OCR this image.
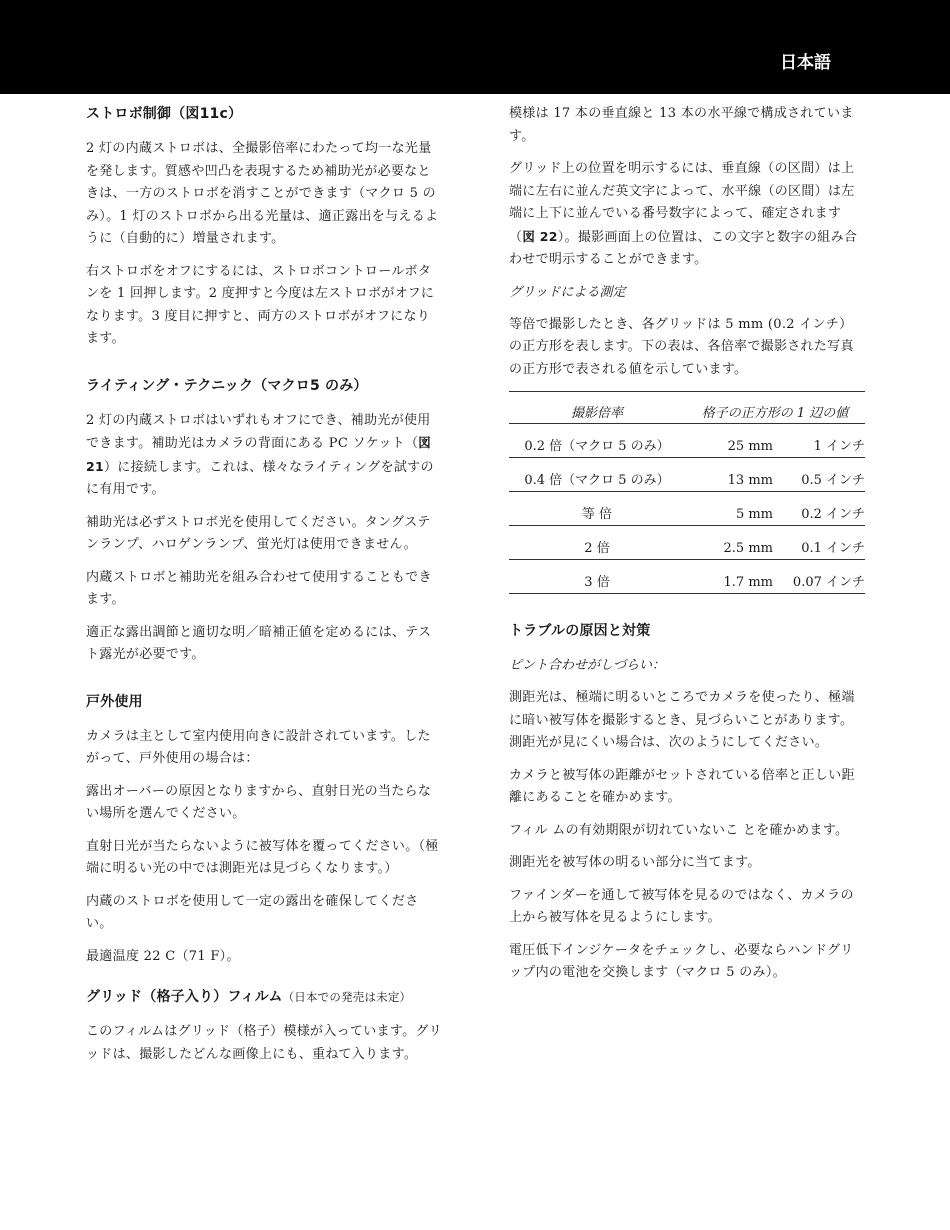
日本語
ストロボ制御（図11c）

2 灯の内蔵ストロボは、全撮影倍率にわたって均一な光量を発します。質感や凹凸を表現するため補助光が必要なときは、一方のストロボを消すことができます（マクロ 5 のみ）。1 灯のストロボから出る光量は、適正露出を与えるように（自動的に）増量されます。

右ストロボをオフにするには、ストロボコントロールボタンを 1 回押します。2 度押すと今度は左ストロボがオフになります。3 度目に押すと、両方のストロボがオフになります。

ライティング・テクニック（マクロ5 のみ）

2 灯の内蔵ストロボはいずれもオフにでき、補助光が使用できます。補助光はカメラの背面にある PC ソケット（図 21）に接続します。これは、様々なライティングを試すのに有用です。

補助光は必ずストロボ光を使用してください。タングステンランプ、ハロゲンランプ、蛍光灯は使用できません。

内蔵ストロボと補助光を組み合わせて使用することもできます。

適正な露出調節と適切な明／暗補正値を定めるには、テスト露光が必要です。

戸外使用

カメラは主として室内使用向きに設計されています。したがって、戸外使用の場合は：

露出オーバーの原因となりますから、直射日光の当たらない場所を選んでください。

直射日光が当たらないように被写体を覆ってください。（極端に明るい光の中では測距光は見づらくなります。）

内蔵のストロボを使用して一定の露出を確保してください。

最適温度 22 C（71 F）。

グリッド（格子入り）フィルム（日本での発売は未定）

このフィルムはグリッド（格子）模様が入っています。グリッドは、撮影したどんな画像上にも、重ねて入ります。

模様は 17 本の垂直線と 13 本の水平線で構成されています。

グリッド上の位置を明示するには、垂直線（の区間）は上端に左右に並んだ英文字によって、水平線（の区間）は左端に上下に並んでいる番号数字によって、確定されます（図 22）。撮影画面上の位置は、この文字と数字の組み合わせで明示することができます。

グリッドによる測定

等倍で撮影したとき、各グリッドは 5 mm (0.2 インチ）の正方形を表します。下の表は、各倍率で撮影された写真の正方形で表される値を示しています。

撮影倍率	格子の正方形の 1 辺の値	
0.2 倍（マクロ 5 のみ）	25 mm	1 インチ
0.4 倍（マクロ 5 のみ）	13 mm	0.5 インチ
等 倍	5 mm	0.2 インチ
2 倍	2.5 mm	0.1 インチ
3 倍	1.7 mm	0.07 インチ
トラブルの原因と対策
ピント合わせがしづらい：

測距光は、極端に明るいところでカメラを使ったり、極端に暗い被写体を撮影するとき、見づらいことがあります。測距光が見にくい場合は、次のようにしてください。

カメラと被写体の距離がセットされている倍率と正しい距離にあることを確かめます。

フィル ムの有効期限が切れていないこ とを確かめます。

測距光を被写体の明るい部分に当てます。

ファインダーを通して被写体を見るのではなく、カメラの上から被写体を見るようにします。

電圧低下インジケータをチェックし、必要ならハンドグリップ内の電池を交換します（マクロ 5 のみ）。
